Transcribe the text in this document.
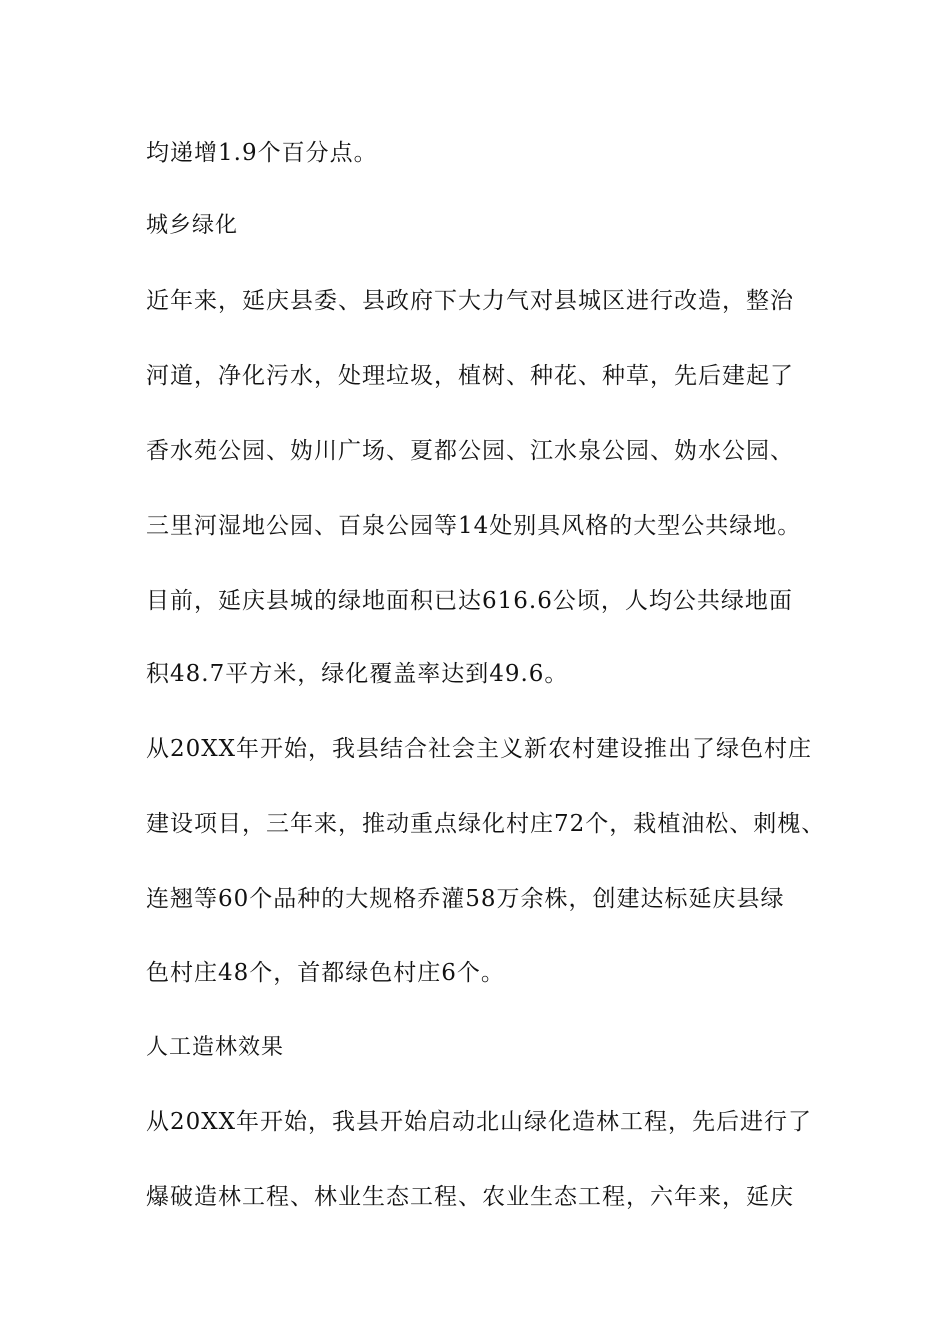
均递增1.9个百分点。

城乡绿化

近年来，延庆县委、县政府下大力气对县城区进行改造，整治

河道，净化污水，处理垃圾，植树、种花、种草，先后建起了

香水苑公园、妫川广场、夏都公园、江水泉公园、妫水公园、

三里河湿地公园、百泉公园等14处别具风格的大型公共绿地。

目前，延庆县城的绿地面积已达616.6公顷，人均公共绿地面

积48.7平方米，绿化覆盖率达到49.6。

从20XX年开始，我县结合社会主义新农村建设推出了绿色村庄

建设项目，三年来，推动重点绿化村庄72个，栽植油松、刺槐、

连翘等60个品种的大规格乔灌58万余株，创建达标延庆县绿

色村庄48个，首都绿色村庄6个。

人工造林效果

从20XX年开始，我县开始启动北山绿化造林工程，先后进行了

爆破造林工程、林业生态工程、农业生态工程，六年来，延庆
